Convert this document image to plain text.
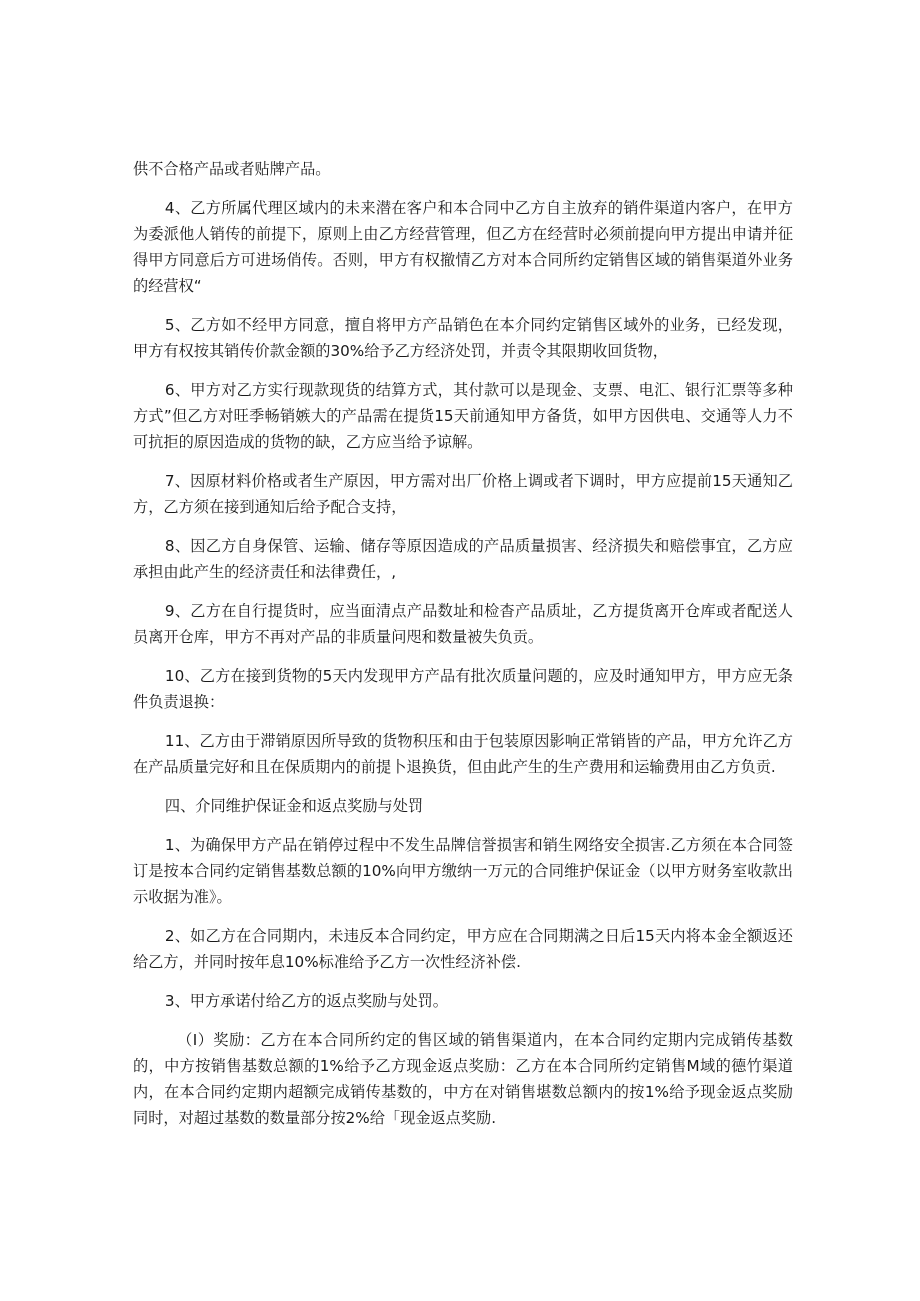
供不合格产品或者贴牌产品。

4、乙方所属代理区域内的未来潜在客户和本合同中乙方自主放弃的销件渠道内客户，在甲方为委派他人销传的前提下，原则上由乙方经营管理，但乙方在经营时必须前提向甲方提出申请并征得甲方同意后方可进场俏传。否则，甲方有权撤情乙方对本合同所约定销售区域的销售渠道外业务的经营权“

5、乙方如不经甲方同意，擅自将甲方产品销色在本介同约定销售区域外的业务，已经发现，甲方有权按其销传价款金额的30%给予乙方经济处罚，并责令其限期收回货物，

6、甲方对乙方实行现款现货的结算方式，其付款可以是现金、支票、电汇、银行汇票等多种方式”但乙方对旺季畅销嫉大的产品需在提货15天前通知甲方备货，如甲方因供电、交通等人力不可抗拒的原因造成的货物的缺，乙方应当给予谅解。

7、因原材料价格或者生产原因，甲方需对出厂价格上调或者下调时，甲方应提前15天通知乙方，乙方须在接到通知后给予配合支持，

8、因乙方自身保管、运输、储存等原因造成的产品质量损害、经济损失和赔偿事宜，乙方应承担由此产生的经济责任和法律费任，,

9、乙方在自行提货时，应当面清点产品数址和检杳产品质址，乙方提货离开仓库或者配送人员离开仓库，甲方不再对产品的非质量问咫和数量被失负贡。

10、乙方在接到货物的5天内发现甲方产品有批次质量问题的，应及时通知甲方，甲方应无条件负责退换：

11、乙方由于滞销原因所导致的货物积压和由于包装原因影响正常销皆的产品，甲方允许乙方在产品质量完好和且在保质期内的前提卜退换货，但由此产生的生产费用和运输费用由乙方负贡.

四、介同维护保证金和返点奖励与处罚

1、为确保甲方产品在销停过程中不发生品牌信誉损害和销生网络安全损害.乙方须在本合同签订是按本合同约定销售基数总额的10%向甲方缴纳一万元的合同维护保证金（以甲方财务室收款出示收据为准》。

2、如乙方在合同期内，未违反本合同约定，甲方应在合同期满之日后15天内将本金全额返还给乙方，并同时按年息10%标准给予乙方一次性经济补偿.

3、甲方承诺付给乙方的返点奖励与处罚。

（I）奖励：乙方在本合同所约定的售区域的销售渠道内，在本合同约定期内完成销传基数的，中方按销售基数总额的1%给予乙方现金返点奖励：乙方在本合同所约定销售M域的德竹渠道内，在本合同约定期内超额完成销传基数的，中方在对销售堪数总额内的按1%给予现金返点奖励同时，对超过基数的数量部分按2%给「现金返点奖励.
